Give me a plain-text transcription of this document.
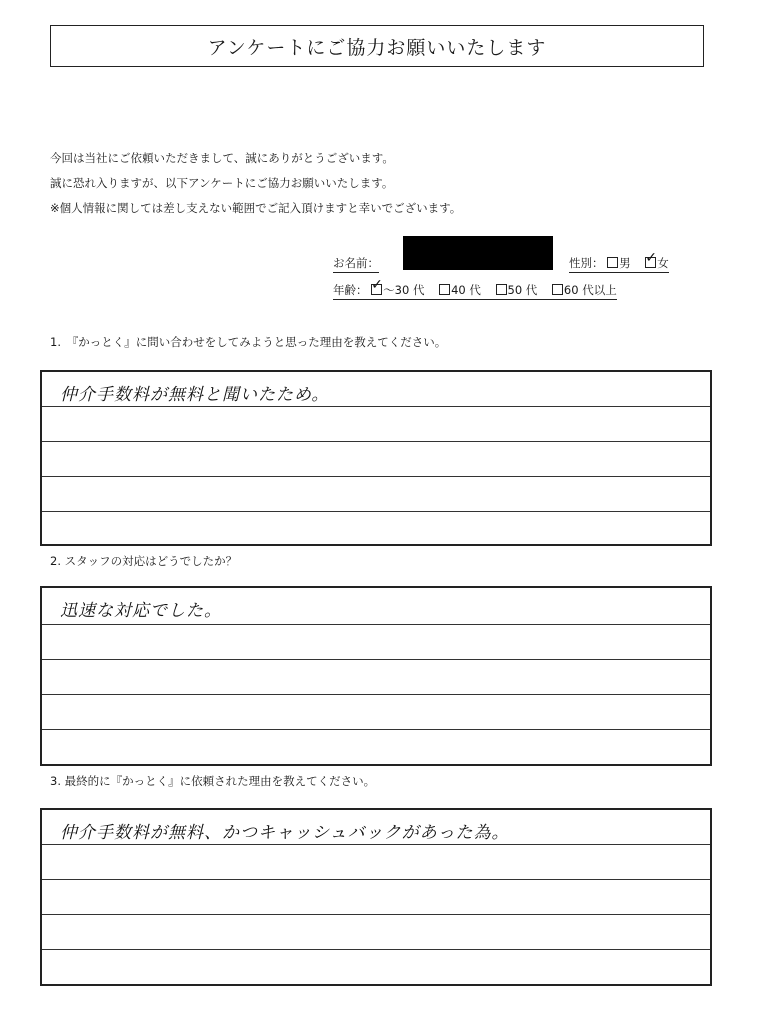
アンケートにご協力お願いいたします
今回は当社にご依頼いただきまして、誠にありがとうございます。
誠に恐れ入りますが、以下アンケートにご協力お願いいたします。
※個人情報に関しては差し支えない範囲でご記入頂けますと幸いでございます。
お名前：	性別： 男 ✓ 女
年齢： ✓ ～30 代 40 代 50 代 60 代以上
1.　『かっとく』に問い合わせをしてみようと思った理由を教えてください。
仲介手数料が無料と聞いたため。
2. スタッフの対応はどうでしたか？
迅速な対応でした。
3. 最終的に『かっとく』に依頼された理由を教えてください。
仲介手数料が無料、かつキャッシュバックがあった為。
